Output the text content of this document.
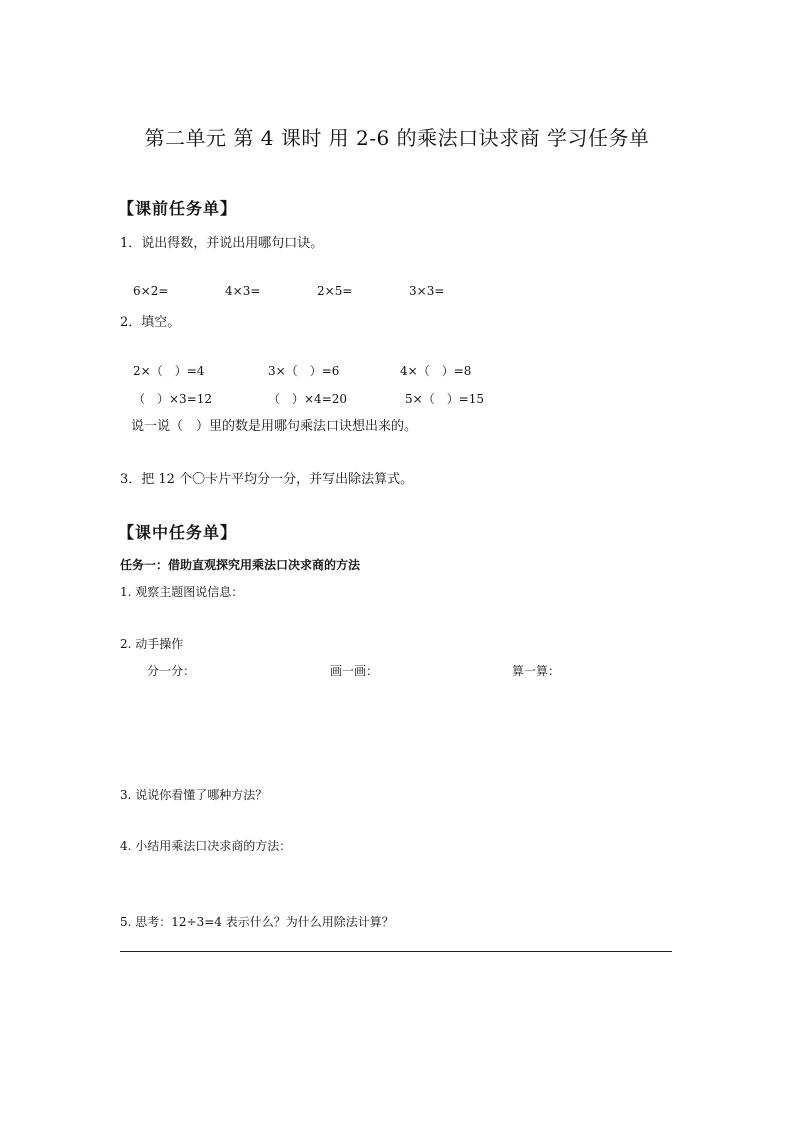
第二单元 第 4 课时 用 2-6 的乘法口诀求商 学习任务单
【课前任务单】
1．说出得数，并说出用哪句口诀。
6×2=	4×3=	2×5=	3×3=
2．填空。
2×（　）=4	3×（　）=6	4×（　）=8
（　）×3=12	（　）×4=20	5×（　）=15
说一说（　）里的数是用哪句乘法口诀想出来的。
3．把 12 个〇卡片平均分一分，并写出除法算式。
【课中任务单】
任务一：借助直观探究用乘法口决求商的方法
1. 观察主题图说信息：
2. 动手操作
分一分：	画一画：	算一算：
3. 说说你看懂了哪种方法？
4. 小结用乘法口决求商的方法：
5. 思考：12÷3=4 表示什么？为什么用除法计算？
